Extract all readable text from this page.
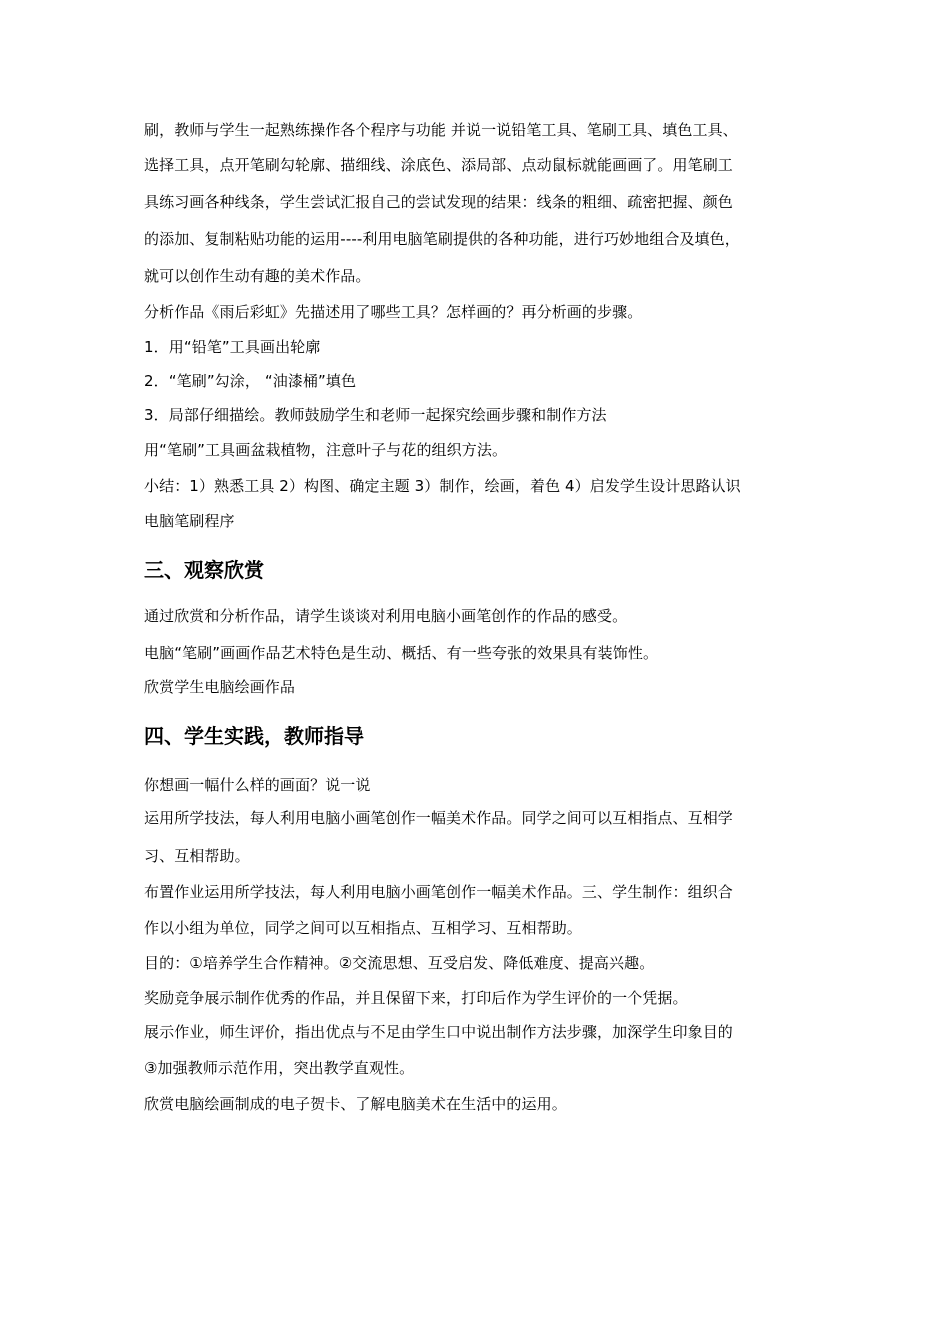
刷，教师与学生一起熟练操作各个程序与功能 并说一说铅笔工具、笔刷工具、填色工具、
选择工具，点开笔刷勾轮廓、描细线、涂底色、添局部、点动鼠标就能画画了。用笔刷工
具练习画各种线条，学生尝试汇报自己的尝试发现的结果：线条的粗细、疏密把握、颜色
的添加、复制粘贴功能的运用----利用电脑笔刷提供的各种功能，进行巧妙地组合及填色，
就可以创作生动有趣的美术作品。
分析作品《雨后彩虹》先描述用了哪些工具？怎样画的？再分析画的步骤。
1．用“铅笔”工具画出轮廓
2．“笔刷”勾涂， “油漆桶”填色
3．局部仔细描绘。教师鼓励学生和老师一起探究绘画步骤和制作方法
用“笔刷”工具画盆栽植物，注意叶子与花的组织方法。
小结：1）熟悉工具 2）构图、确定主题 3）制作，绘画，着色 4）启发学生设计思路认识
电脑笔刷程序
三、观察欣赏
通过欣赏和分析作品，请学生谈谈对利用电脑小画笔创作的作品的感受。
电脑“笔刷”画画作品艺术特色是生动、概括、有一些夸张的效果具有装饰性。
欣赏学生电脑绘画作品
四、学生实践，教师指导
你想画一幅什么样的画面？说一说
运用所学技法，每人利用电脑小画笔创作一幅美术作品。同学之间可以互相指点、互相学
习、互相帮助。
布置作业运用所学技法，每人利用电脑小画笔创作一幅美术作品。三、学生制作：组织合
作以小组为单位，同学之间可以互相指点、互相学习、互相帮助。
目的：①培养学生合作精神。②交流思想、互受启发、降低难度、提高兴趣。
奖励竞争展示制作优秀的作品，并且保留下来，打印后作为学生评价的一个凭据。
展示作业，师生评价，指出优点与不足由学生口中说出制作方法步骤，加深学生印象目的
③加强教师示范作用，突出教学直观性。
欣赏电脑绘画制成的电子贺卡、了解电脑美术在生活中的运用。
